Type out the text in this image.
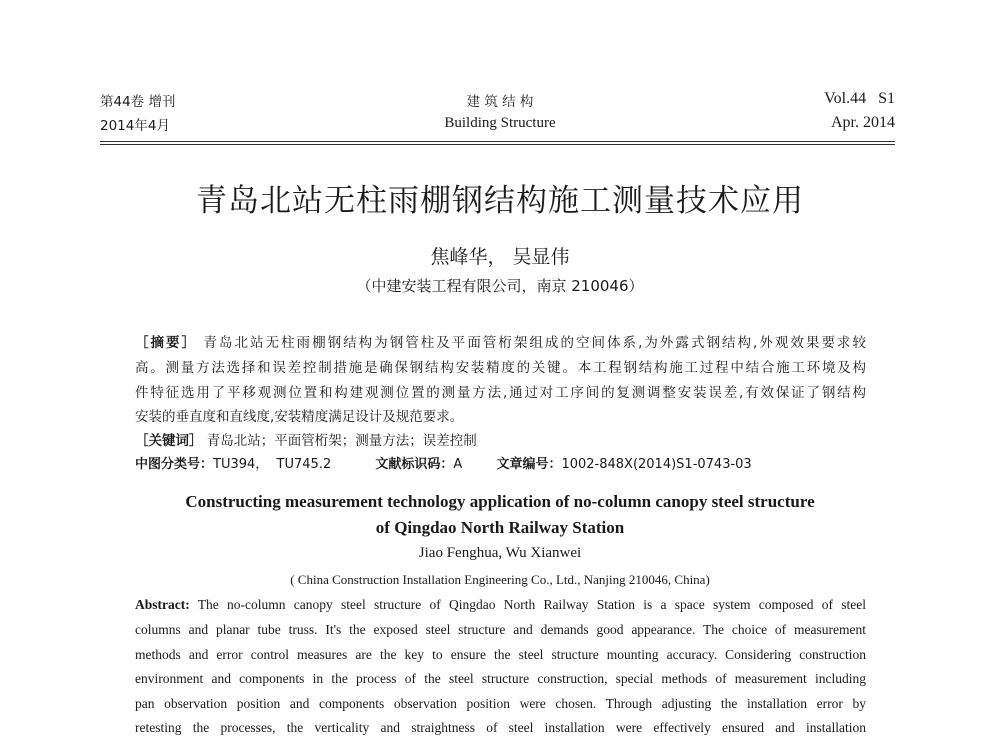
第44卷 增刊
2014年4月
建 筑 结 构
Building Structure
Vol.44   S1
Apr. 2014
青岛北站无柱雨棚钢结构施工测量技术应用
焦峰华， 吴显伟
（中建安装工程有限公司，南京 210046）
［摘要］ 青岛北站无柱雨棚钢结构为钢管柱及平面管桁架组成的空间体系,为外露式钢结构,外观效果要求较
高。测量方法选择和误差控制措施是确保钢结构安装精度的关键。本工程钢结构施工过程中结合施工环境及构
件特征选用了平移观测位置和构建观测位置的测量方法,通过对工序间的复测调整安装误差,有效保证了钢结构
安装的垂直度和直线度,安装精度满足设计及规范要求。
［关键词］ 青岛北站；平面管桁架；测量方法；误差控制
中图分类号：TU394，  TU745.2	文献标识码：A	文章编号：1002-848X(2014)S1-0743-03
Constructing measurement technology application of no-column canopy steel structure
of Qingdao North Railway Station
Jiao Fenghua, Wu Xianwei
( China Construction Installation Engineering Co., Ltd., Nanjing 210046, China)
Abstract: The no-column canopy steel structure of Qingdao North Railway Station is a space system composed of steel
columns and planar tube truss. It's the exposed steel structure and demands good appearance. The choice of measurement
methods and error control measures are the key to ensure the steel structure mounting accuracy. Considering construction
environment and components in the process of the steel structure construction, special methods of measurement including
pan observation position and components observation position were chosen. Through adjusting the installation error by
retesting the processes, the verticality and straightness of steel installation were effectively ensured and installation
